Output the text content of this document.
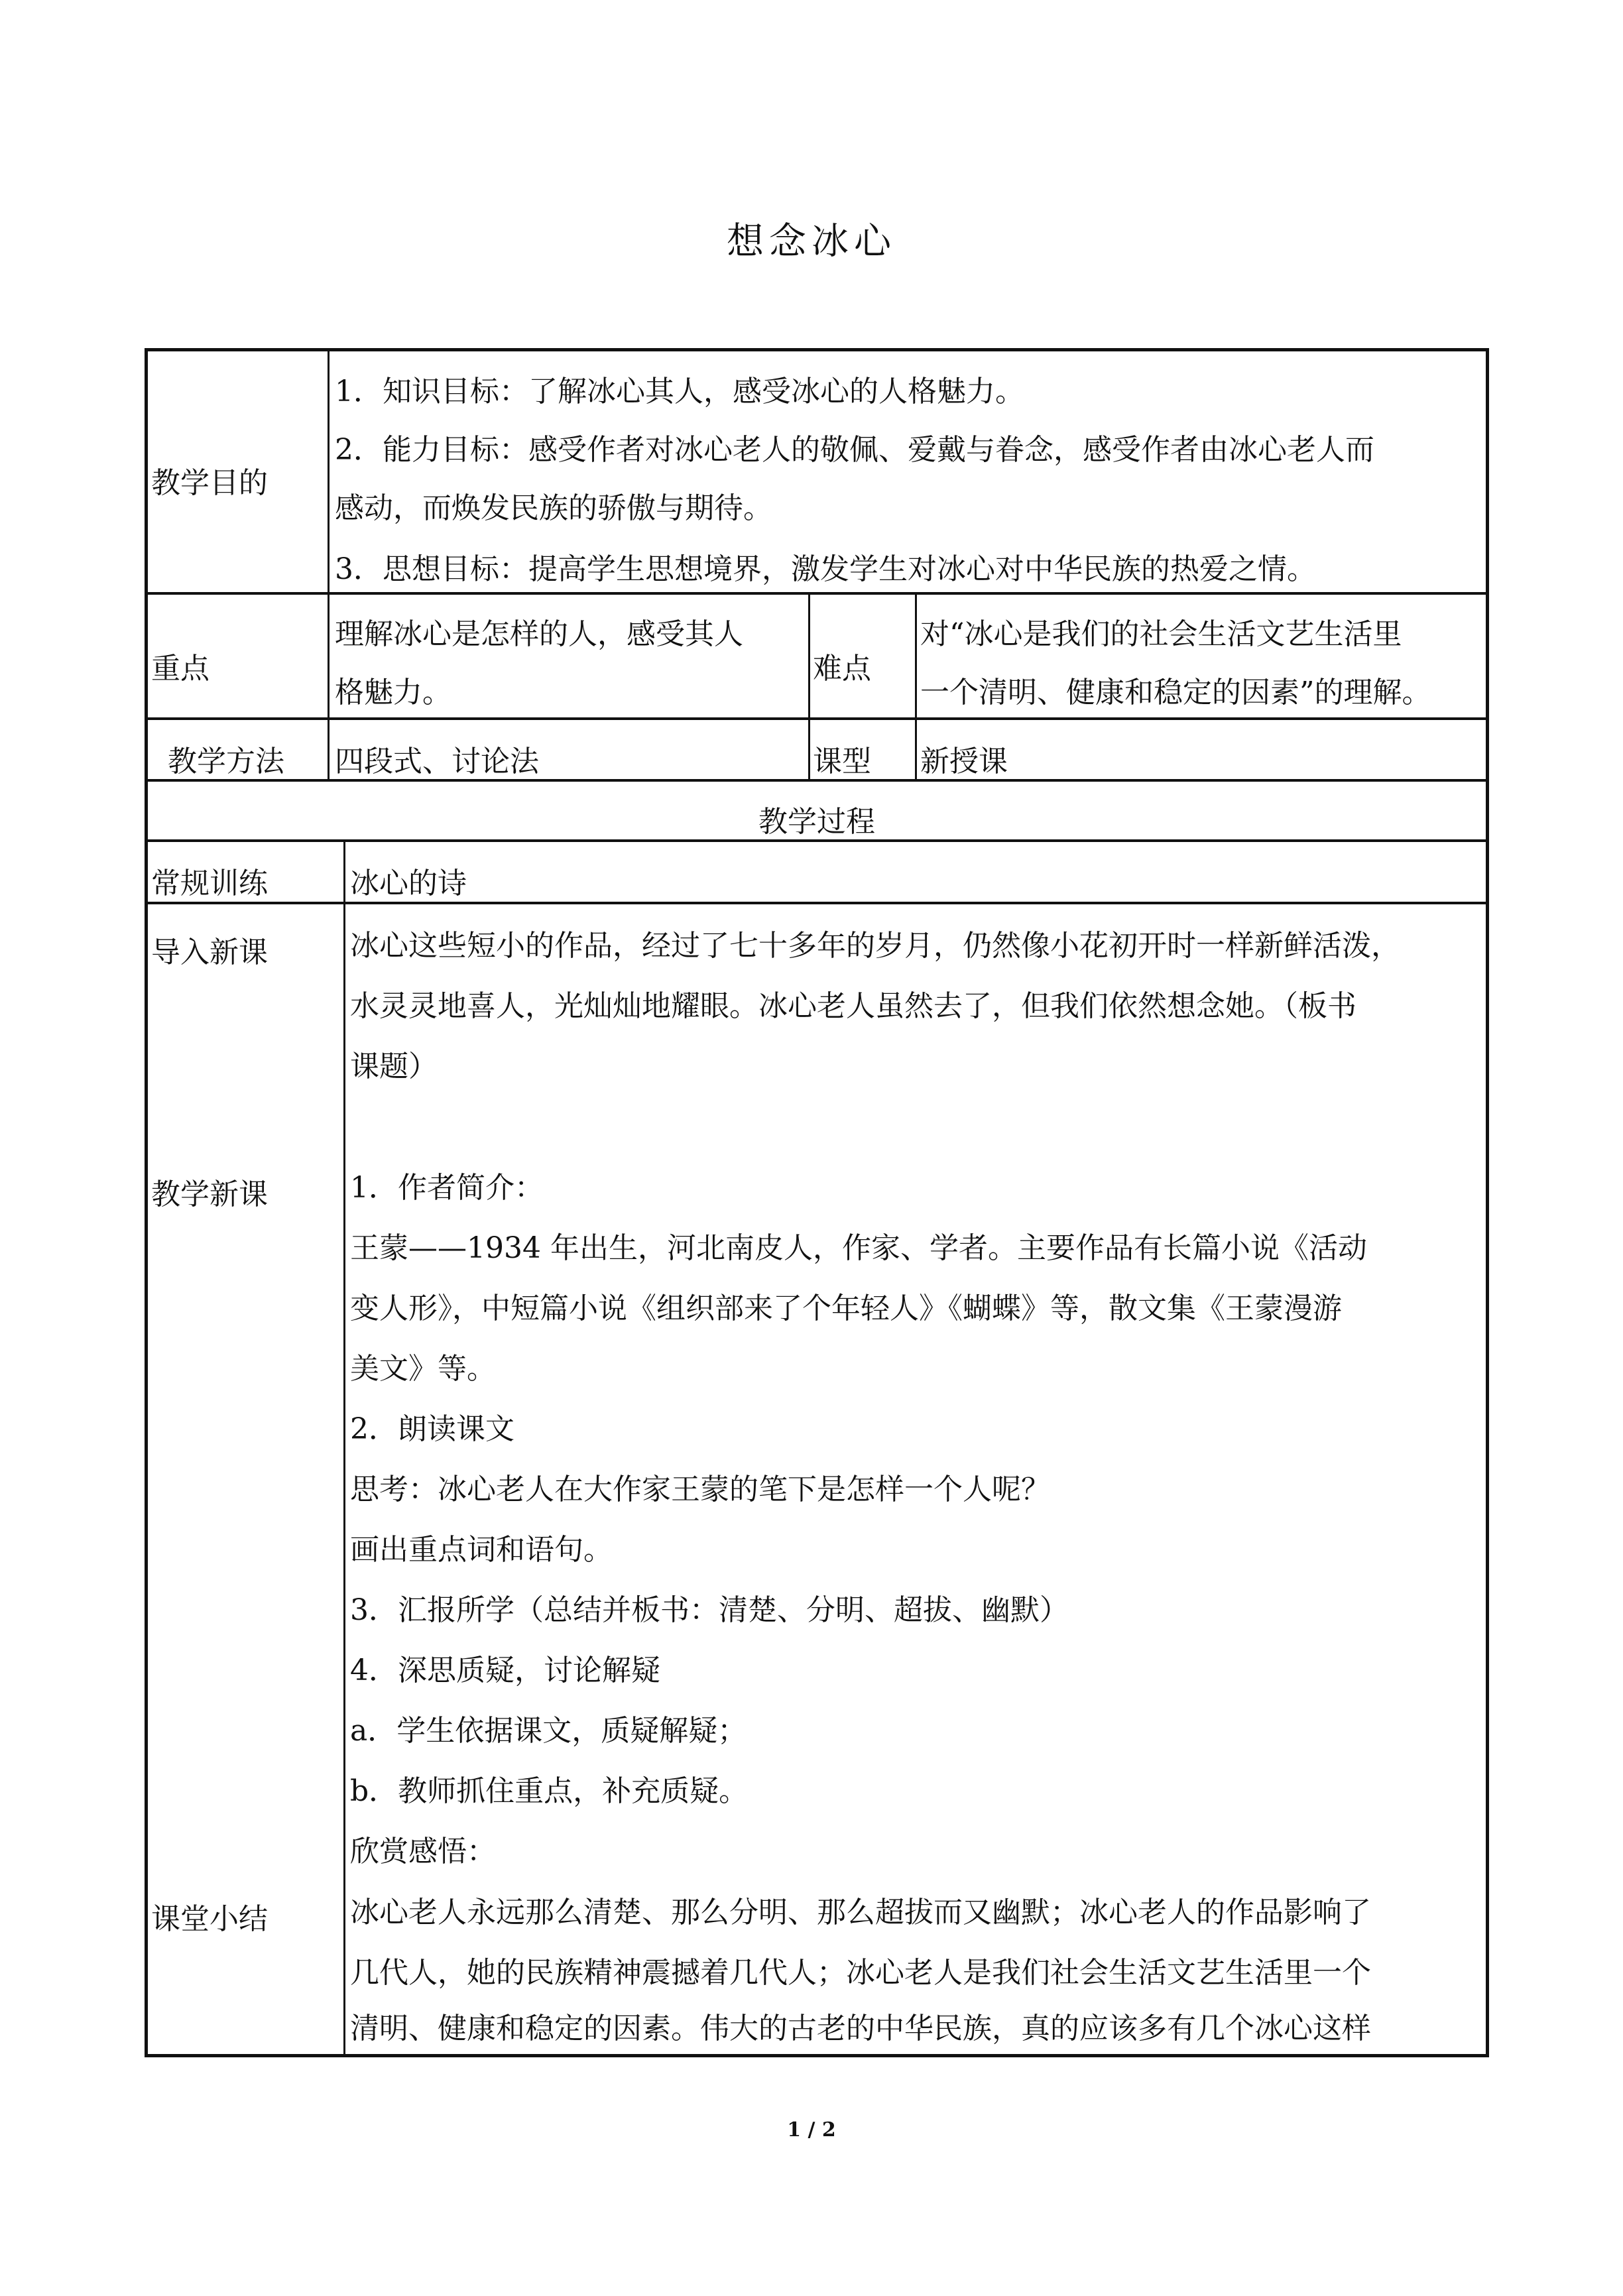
想念冰心
教学目的
1．知识目标：了解冰心其人，感受冰心的人格魅力。
2．能力目标：感受作者对冰心老人的敬佩、爱戴与眷念，感受作者由冰心老人而
感动，而焕发民族的骄傲与期待。
3．思想目标：提高学生思想境界，激发学生对冰心对中华民族的热爱之情。
重点
理解冰心是怎样的人，感受其人
格魅力。
难点
对“冰心是我们的社会生活文艺生活里
一个清明、健康和稳定的因素”的理解。
教学方法 四段式、讨论法	课型 新授课
教学过程
常规训练	冰心的诗
导入新课
教学新课
课堂小结
冰心这些短小的作品，经过了七十多年的岁月，仍然像小花初开时一样新鲜活泼，
水灵灵地喜人，光灿灿地耀眼。冰心老人虽然去了，但我们依然想念她。（板书
课题）
1．作者简介：
王蒙——1934 年出生，河北南皮人，作家、学者。主要作品有长篇小说《活动
变人形》，中短篇小说《组织部来了个年轻人》《蝴蝶》等，散文集《王蒙漫游
美文》等。
2．朗读课文
思考：冰心老人在大作家王蒙的笔下是怎样一个人呢？
画出重点词和语句。
3．汇报所学（总结并板书：清楚、分明、超拔、幽默）
4．深思质疑，讨论解疑
a．学生依据课文，质疑解疑；
b．教师抓住重点，补充质疑。
欣赏感悟：
冰心老人永远那么清楚、那么分明、那么超拔而又幽默；冰心老人的作品影响了
几代人，她的民族精神震撼着几代人；冰心老人是我们社会生活文艺生活里一个
清明、健康和稳定的因素。伟大的古老的中华民族，真的应该多有几个冰心这样
1 / 2
